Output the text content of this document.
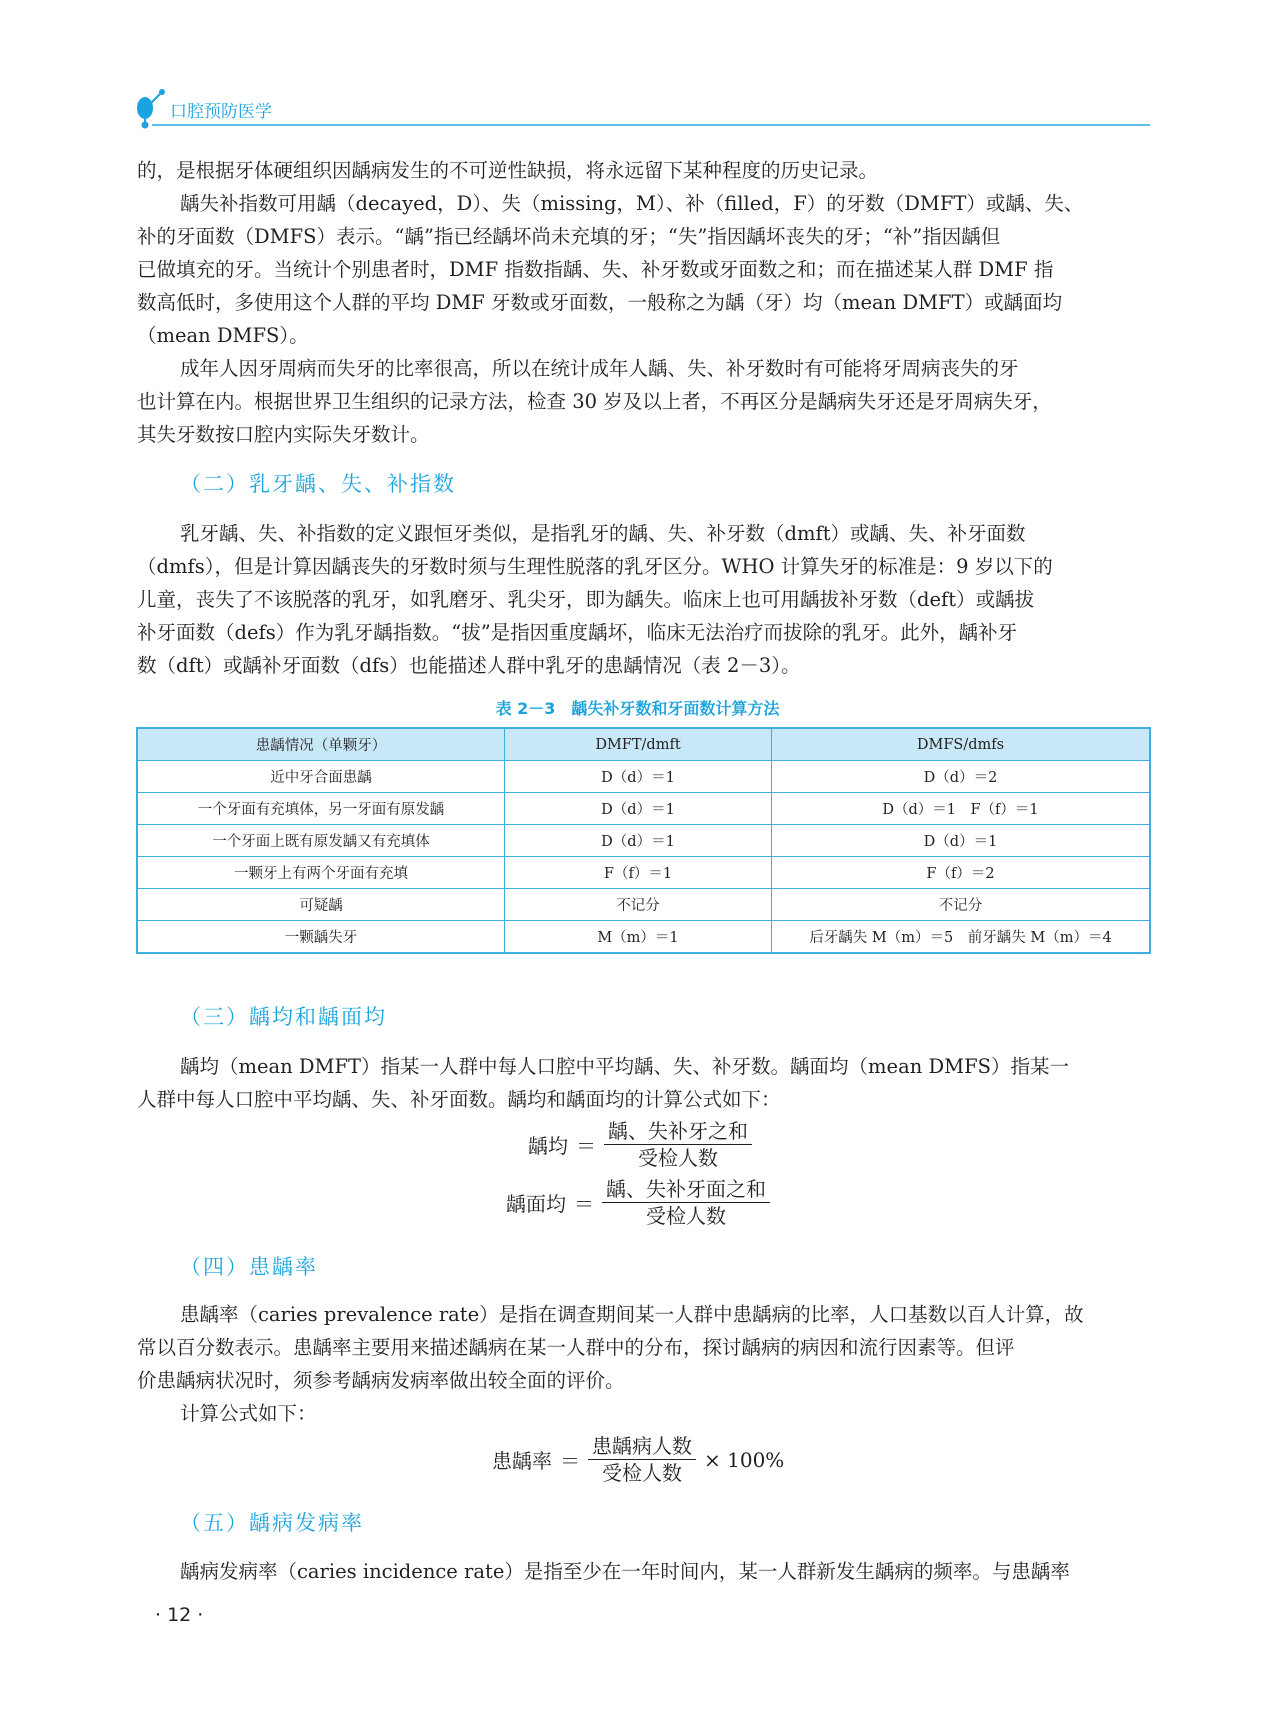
口腔预防医学
的，是根据牙体硬组织因龋病发生的不可逆性缺损，将永远留下某种程度的历史记录。
龋失补指数可用龋（decayed，D）、失（missing，M）、补（filled，F）的牙数（DMFT）或龋、失、
补的牙面数（DMFS）表示。“龋”指已经龋坏尚未充填的牙；“失”指因龋坏丧失的牙；“补”指因龋但
已做填充的牙。当统计个别患者时，DMF 指数指龋、失、补牙数或牙面数之和；而在描述某人群 DMF 指
数高低时，多使用这个人群的平均 DMF 牙数或牙面数，一般称之为龋（牙）均（mean DMFT）或龋面均
（mean DMFS）。
成年人因牙周病而失牙的比率很高，所以在统计成年人龋、失、补牙数时有可能将牙周病丧失的牙
也计算在内。根据世界卫生组织的记录方法，检查 30 岁及以上者，不再区分是龋病失牙还是牙周病失牙，
其失牙数按口腔内实际失牙数计。
（二）乳牙龋、失、补指数
乳牙龋、失、补指数的定义跟恒牙类似，是指乳牙的龋、失、补牙数（dmft）或龋、失、补牙面数
（dmfs），但是计算因龋丧失的牙数时须与生理性脱落的乳牙区分。WHO 计算失牙的标准是：9 岁以下的
儿童，丧失了不该脱落的乳牙，如乳磨牙、乳尖牙，即为龋失。临床上也可用龋拔补牙数（deft）或龋拔
补牙面数（defs）作为乳牙龋指数。“拔”是指因重度龋坏，临床无法治疗而拔除的乳牙。此外，龋补牙
数（dft）或龋补牙面数（dfs）也能描述人群中乳牙的患龋情况（表 2－3）。
表 2－3　龋失补牙数和牙面数计算方法
患龋情况（单颗牙）	DMFT/dmft	DMFS/dmfs
近中牙合面患龋	D（d）＝1	D（d）＝2
一个牙面有充填体，另一牙面有原发龋	D（d）＝1	D（d）＝1　F（f）＝1
一个牙面上既有原发龋又有充填体	D（d）＝1	D（d）＝1
一颗牙上有两个牙面有充填	F（f）＝1	F（f）＝2
可疑龋	不记分	不记分
一颗龋失牙	M（m）＝1	后牙龋失 M（m）＝5　前牙龋失 M（m）＝4
（三）龋均和龋面均
龋均（mean DMFT）指某一人群中每人口腔中平均龋、失、补牙数。龋面均（mean DMFS）指某一
人群中每人口腔中平均龋、失、补牙面数。龋均和龋面均的计算公式如下：
龋均 ＝ $\frac{\text{龋、失补牙之和}}{\text{受检人数}}$
龋面均 ＝ $\frac{\text{龋、失补牙面之和}}{\text{受检人数}}$
（四）患龋率
患龋率（caries prevalence rate）是指在调查期间某一人群中患龋病的比率，人口基数以百人计算，故
常以百分数表示。患龋率主要用来描述龋病在某一人群中的分布，探讨龋病的病因和流行因素等。但评
价患龋病状况时，须参考龋病发病率做出较全面的评价。
计算公式如下：
患龋率 ＝ $\frac{\text{患龋病人数}}{\text{受检人数}} \times 100\%$
（五）龋病发病率
龋病发病率（caries incidence rate）是指至少在一年时间内，某一人群新发生龋病的频率。与患龋率
· 12 ·
